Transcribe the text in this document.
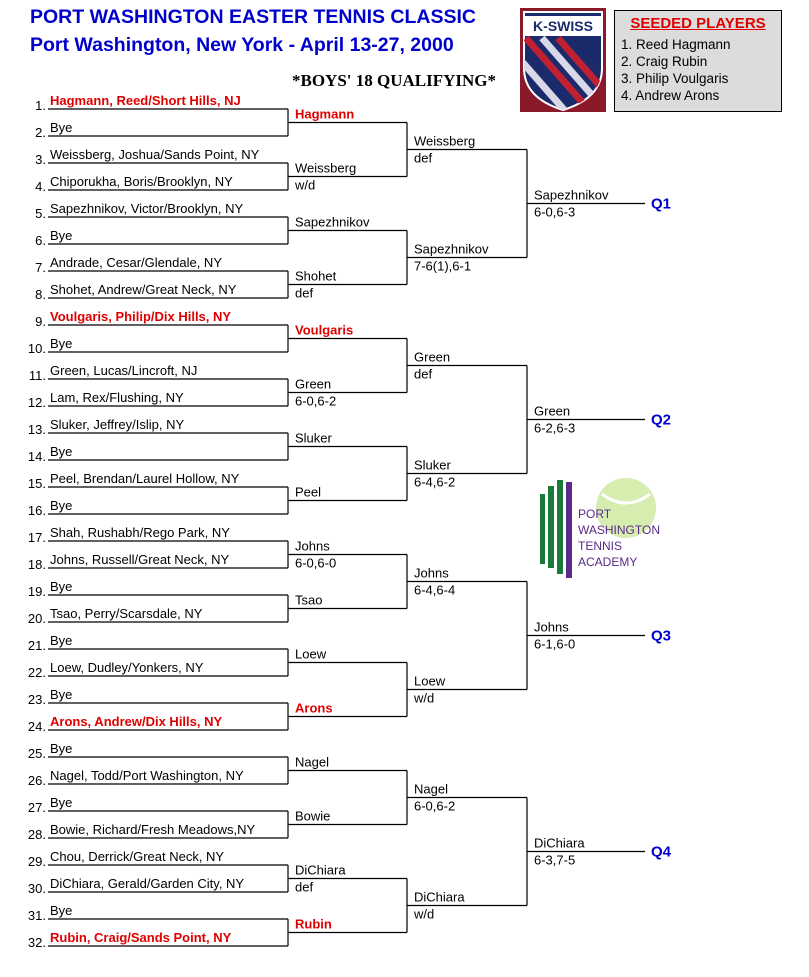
PORT WASHINGTON EASTER TENNIS CLASSIC
Port Washington, New York - April 13-27, 2000
*BOYS' 18 QUALIFYING*
K-SWISS	SEEDED PLAYERS
1. Reed Hagmann
2. Craig Rubin
3. Philip Voulgaris
4. Andrew Arons
1. Hagmann, Reed/Short Hills, NJ
2. Bye
3. Weissberg, Joshua/Sands Point, NY
4. Chiporukha, Boris/Brooklyn, NY
5. Sapezhnikov, Victor/Brooklyn, NY
6. Bye
7. Andrade, Cesar/Glendale, NY
8. Shohet, Andrew/Great Neck, NY
9. Voulgaris, Philip/Dix Hills, NY
10. Bye
11. Green, Lucas/Lincroft, NJ
12. Lam, Rex/Flushing, NY
13. Sluker, Jeffrey/Islip, NY
14. Bye
15. Peel, Brendan/Laurel Hollow, NY
16. Bye
17. Shah, Rushabh/Rego Park, NY
18. Johns, Russell/Great Neck, NY
19. Bye
20. Tsao, Perry/Scarsdale, NY
21. Bye
22. Loew, Dudley/Yonkers, NY
23. Bye
24. Arons, Andrew/Dix Hills, NY
25. Bye
26. Nagel, Todd/Port Washington, NY
27. Bye
28. Bowie, Richard/Fresh Meadows,NY
29. Chou, Derrick/Great Neck, NY
30. DiChiara, Gerald/Garden City, NY
31. Bye
32. Rubin, Craig/Sands Point, NY
Hagmann
Weissberg
w/d
Sapezhnikov
Shohet
def
Voulgaris
Green
6-0,6-2
Sluker
Peel
Johns
6-0,6-0
Tsao
Loew
Arons
Nagel
Bowie
DiChiara
def
Rubin
Weissberg
def
Sapezhnikov
7-6(1),6-1
Green
def
Sluker
6-4,6-2
Johns
6-4,6-4
Loew
w/d
Nagel
6-0,6-2
DiChiara
w/d
Sapezhnikov
6-0,6-3	Q1
Green
6-2,6-3	Q2
Johns
6-1,6-0	Q3
DiChiara
6-3,7-5	Q4
PORT
WASHINGTON
TENNIS
ACADEMY
